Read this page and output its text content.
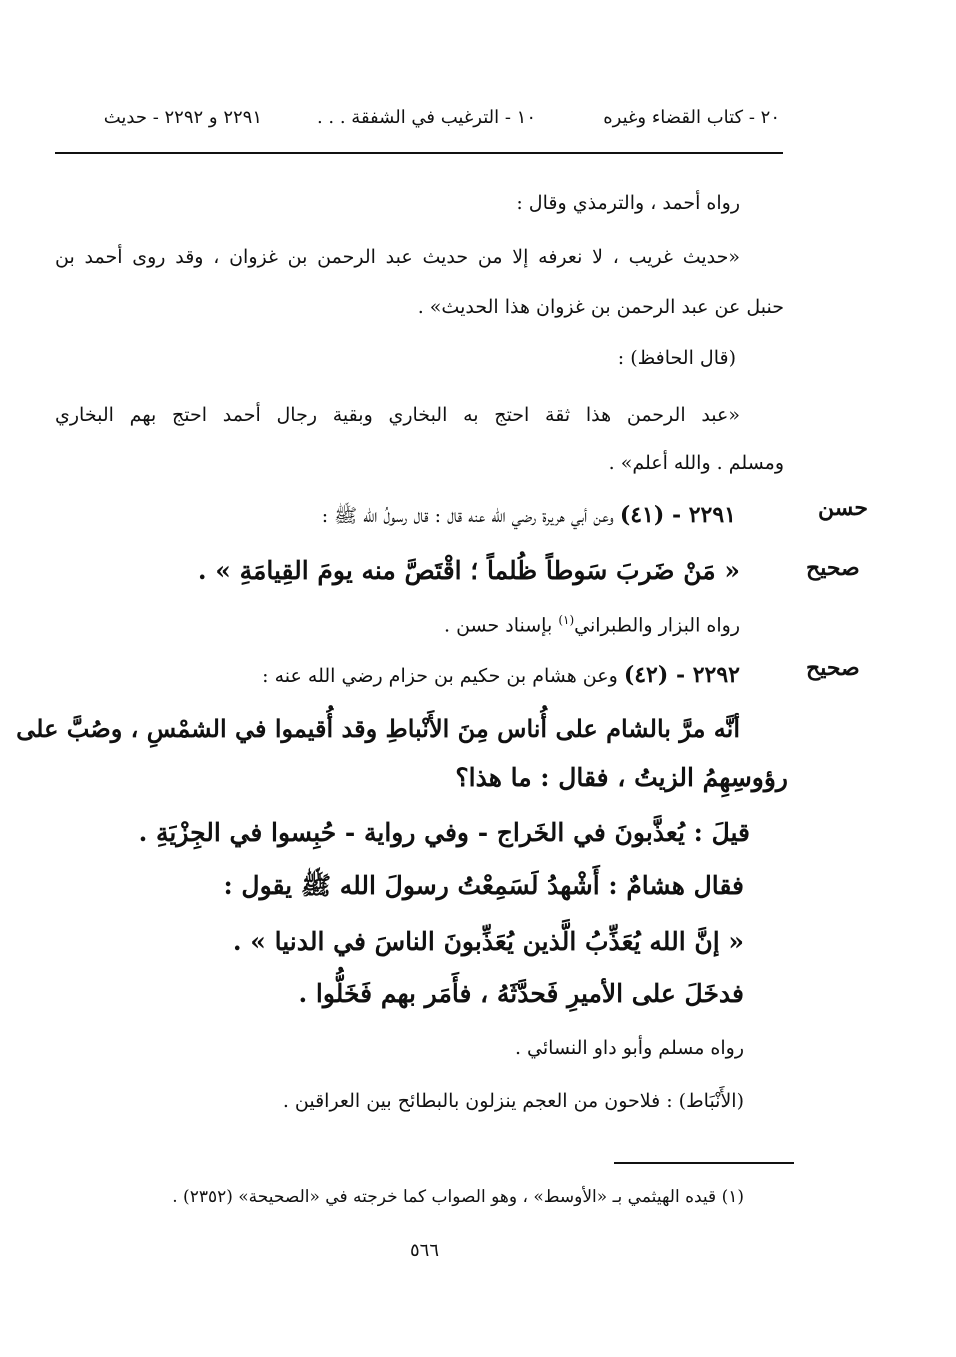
٢٠ - كتاب القضاء وغيره
١٠ - الترغيب في الشفقة . . .
٢٢٩١ و ٢٢٩٢ - حديث
رواه أحمد ، والترمذي وقال :
«حديث غريب ، لا نعرفه إلا من حديث عبد الرحمن بن غزوان ، وقد روى أحمد بن
حنبل عن عبد الرحمن بن غزوان هذا الحديث» .
(قال الحافظ) :
«عبد الرحمن هذا ثقة احتج به البخاري وبقية رجال أحمد احتج بهم البخاري
ومسلم . والله أعلم» .
حسن
٢٢٩١ - (٤١) وعن أبي هريرة رضي الله عنه قال : قال رسولُ الله ﷺ :
صحيح
« مَنْ ضَربَ سَوطاً ظُلماً ؛ اقْتَصَّ منه يومَ القِيامَةِ » .
رواه البزار والطبراني$^{(١)}$ بإسناد حسن .
صحيح
٢٢٩٢ - (٤٢) وعن هشام بن حكيم بن حزام رضي الله عنه :
أنَّه مرَّ بالشام على أُناس مِنَ الأَنْباطِ وقد أُقيموا في الشمْسِ ، وصُبَّ على
رؤوسِهِمُ الزيتُ ، فقال : ما هذا؟
قيلَ : يُعذَّبونَ في الخَراج - وفي رواية - حُبِسوا في الجِزْيَةِ .
فقال هشامٌ : أَشْهدُ لَسَمِعْتُ رسولَ الله ﷺ يقول :
« إنَّ الله يُعَذِّبُ الَّذين يُعَذِّبونَ الناسَ في الدنيا » .
فدخَلَ على الأميرِ فَحدَّثَهُ ، فأَمَر بهم فَخَلُّوا .
رواه مسلم وأبو داو النسائي .
(الأَنْبَاط) : فلاحون من العجم ينزلون بالبطائح بين العراقين .
(١) قيده الهيثمي بـ «الأوسط» ، وهو الصواب كما خرجته في «الصحيحة» (٢٣٥٢) .
٥٦٦
